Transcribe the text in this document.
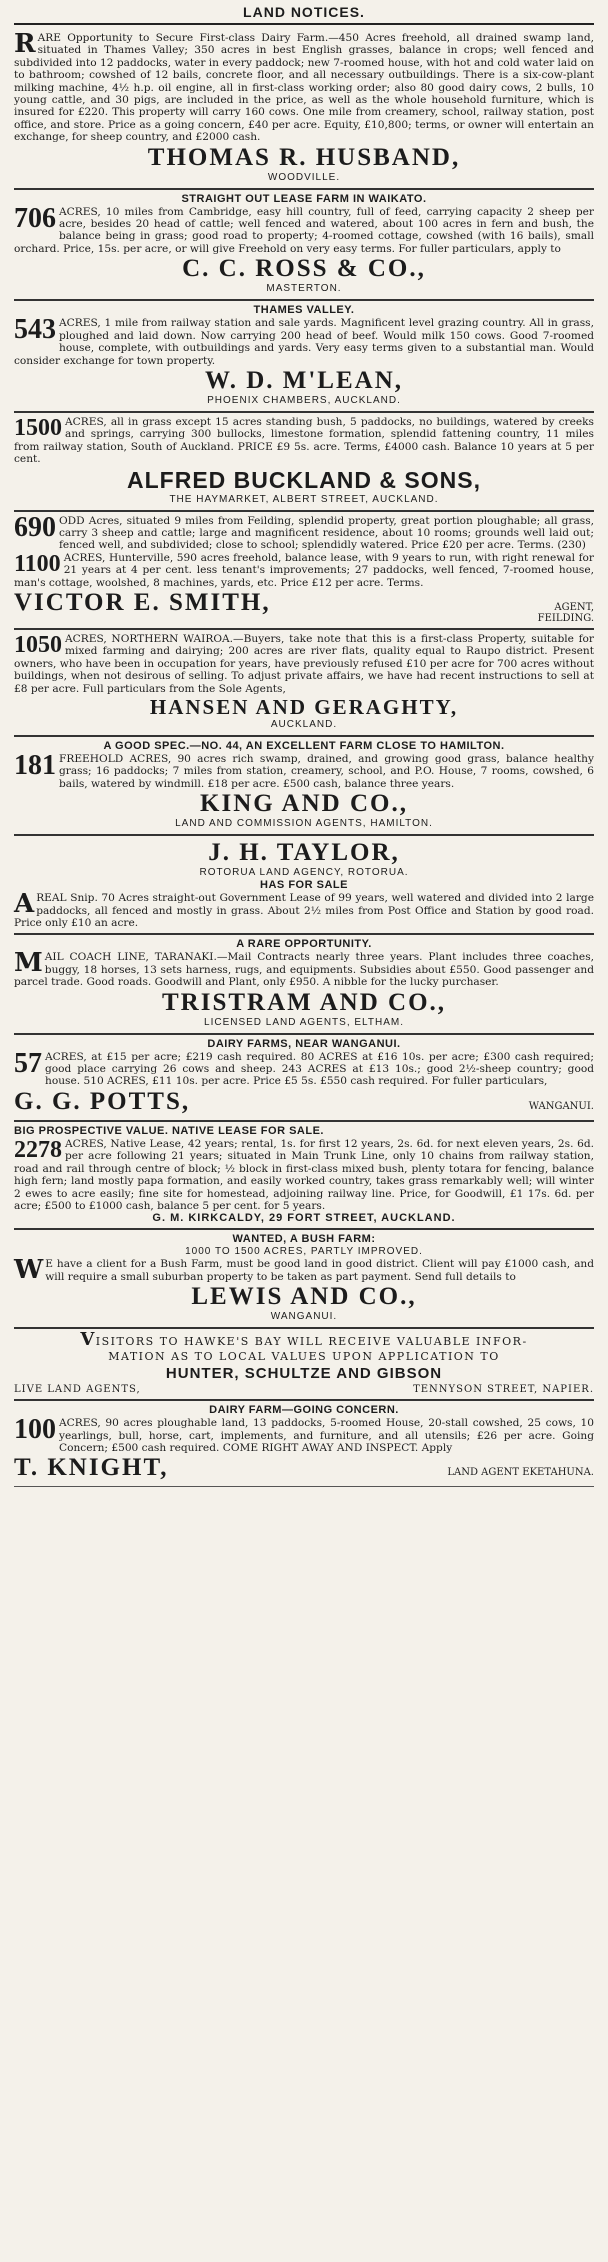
LAND NOTICES.
RARE Opportunity to Secure First-class Dairy Farm.—450 Acres freehold, all drained swamp land, situated in Thames Valley; 350 acres in best English grasses, balance in crops; well fenced and subdivided into 12 paddocks, water in every paddock; new 7-roomed house, with hot and cold water laid on to bathroom; cowshed of 12 bails, concrete floor, and all necessary outbuildings. There is a six-cow-plant milking machine, 4½ h.p. oil engine, all in first-class working order; also 80 good dairy cows, 2 bulls, 10 young cattle, and 30 pigs, are included in the price, as well as the whole household furniture, which is insured for £220. This property will carry 160 cows. One mile from creamery, school, railway station, post office, and store. Price as a going concern, £40 per acre. Equity, £10,800; terms, or owner will entertain an exchange, for sheep country, and £2000 cash.
THOMAS R. HUSBAND,
WOODVILLE.
STRAIGHT OUT LEASE FARM IN WAIKATO.
706 ACRES, 10 miles from Cambridge, easy hill country, full of feed, carrying capacity 2 sheep per acre, besides 20 head of cattle; well fenced and watered, about 100 acres in fern and bush, the balance being in grass; good road to property; 4-roomed cottage, cowshed (with 16 bails), small orchard. Price, 15s. per acre, or will give Freehold on very easy terms. For fuller particulars, apply to
C. C. ROSS & CO.,
MASTERTON.
THAMES VALLEY.
543 ACRES, 1 mile from railway station and sale yards. Magnificent level grazing country. All in grass, ploughed and laid down. Now carrying 200 head of beef. Would milk 150 cows. Good 7-roomed house, complete, with outbuildings and yards. Very easy terms given to a substantial man. Would consider exchange for town property.
W. D. M'LEAN,
PHOENIX CHAMBERS, AUCKLAND.
1500 ACRES, all in grass except 15 acres standing bush, 5 paddocks, no buildings, watered by creeks and springs, carrying 300 bullocks, limestone formation, splendid fattening country, 11 miles from railway station, South of Auckland. PRICE £9 5s. acre. Terms, £4000 cash. Balance 10 years at 5 per cent.
ALFRED BUCKLAND & SONS,
THE HAYMARKET, ALBERT STREET, AUCKLAND.
690 ODD Acres, situated 9 miles from Feilding, splendid property, great portion ploughable; all grass, carry 3 sheep and cattle; large and magnificent residence, about 10 rooms; grounds well laid out; fenced well, and subdivided; close to school; splendidly watered. Price £20 per acre. Terms. (230)
1100 ACRES, Hunterville, 590 acres freehold, balance lease, with 9 years to run, with right renewal for 21 years at 4 per cent. less tenant's improvements; 27 paddocks, well fenced, 7-roomed house, man's cottage, woolshed, 8 machines, yards, etc. Price £12 per acre. Terms.
VICTOR E. SMITH,	AGENT,
FEILDING.
1050 ACRES, NORTHERN WAIROA.—Buyers, take note that this is a first-class Property, suitable for mixed farming and dairying; 200 acres are river flats, quality equal to Raupo district. Present owners, who have been in occupation for years, have previously refused £10 per acre for 700 acres without buildings, when not desirous of selling. To adjust private affairs, we have had recent instructions to sell at £8 per acre. Full particulars from the Sole Agents,
HANSEN AND GERAGHTY,
AUCKLAND.
A GOOD SPEC.—NO. 44, AN EXCELLENT FARM CLOSE TO HAMILTON.
181 FREEHOLD ACRES, 90 acres rich swamp, drained, and growing good grass, balance healthy grass; 16 paddocks; 7 miles from station, creamery, school, and P.O. House, 7 rooms, cowshed, 6 bails, watered by windmill. £18 per acre. £500 cash, balance three years.
KING AND CO.,
LAND AND COMMISSION AGENTS, HAMILTON.
J. H. TAYLOR,
ROTORUA LAND AGENCY, ROTORUA.
HAS FOR SALE
AREAL Snip. 70 Acres straight-out Government Lease of 99 years, well watered and divided into 2 large paddocks, all fenced and mostly in grass. About 2½ miles from Post Office and Station by good road. Price only £10 an acre.
A RARE OPPORTUNITY.
MAIL COACH LINE, TARANAKI.—Mail Contracts nearly three years. Plant includes three coaches, buggy, 18 horses, 13 sets harness, rugs, and equipments. Subsidies about £550. Good passenger and parcel trade. Good roads. Goodwill and Plant, only £950. A nibble for the lucky purchaser.
TRISTRAM AND CO.,
LICENSED LAND AGENTS, ELTHAM.
DAIRY FARMS, NEAR WANGANUI.
57 ACRES, at £15 per acre; £219 cash required. 80 ACRES at £16 10s. per acre; £300 cash required; good place carrying 26 cows and sheep. 243 ACRES at £13 10s.; good 2½-sheep country; good house. 510 ACRES, £11 10s. per acre. Price £5 5s. £550 cash required. For fuller particulars,
G. G. POTTS,	WANGANUI.
BIG PROSPECTIVE VALUE. NATIVE LEASE FOR SALE.
2278 ACRES, Native Lease, 42 years; rental, 1s. for first 12 years, 2s. 6d. for next eleven years, 2s. 6d. per acre following 21 years; situated in Main Trunk Line, only 10 chains from railway station, road and rail through centre of block; ½ block in first-class mixed bush, plenty totara for fencing, balance high fern; land mostly papa formation, and easily worked country, takes grass remarkably well; will winter 2 ewes to acre easily; fine site for homestead, adjoining railway line. Price, for Goodwill, £1 17s. 6d. per acre; £500 to £1000 cash, balance 5 per cent. for 5 years.
G. M. KIRKCALDY, 29 FORT STREET, AUCKLAND.
WANTED, A BUSH FARM:
1000 TO 1500 ACRES, PARTLY IMPROVED.
W E have a client for a Bush Farm, must be good land in good district. Client will pay £1000 cash, and will require a small suburban property to be taken as part payment. Send full details to
LEWIS AND CO.,
WANGANUI.
VISITORS TO HAWKE'S BAY WILL RECEIVE VALUABLE INFOR-
MATION AS TO LOCAL VALUES UPON APPLICATION TO
HUNTER, SCHULTZE AND GIBSON
LIVE LAND AGENTS,	TENNYSON STREET, NAPIER.
DAIRY FARM—GOING CONCERN.
100 ACRES, 90 acres ploughable land, 13 paddocks, 5-roomed House, 20-stall cowshed, 25 cows, 10 yearlings, bull, horse, cart, implements, and furniture, and all utensils; £26 per acre. Going Concern; £500 cash required. COME RIGHT AWAY AND INSPECT. Apply
T. KNIGHT,	LAND AGENT EKETAHUNA.
